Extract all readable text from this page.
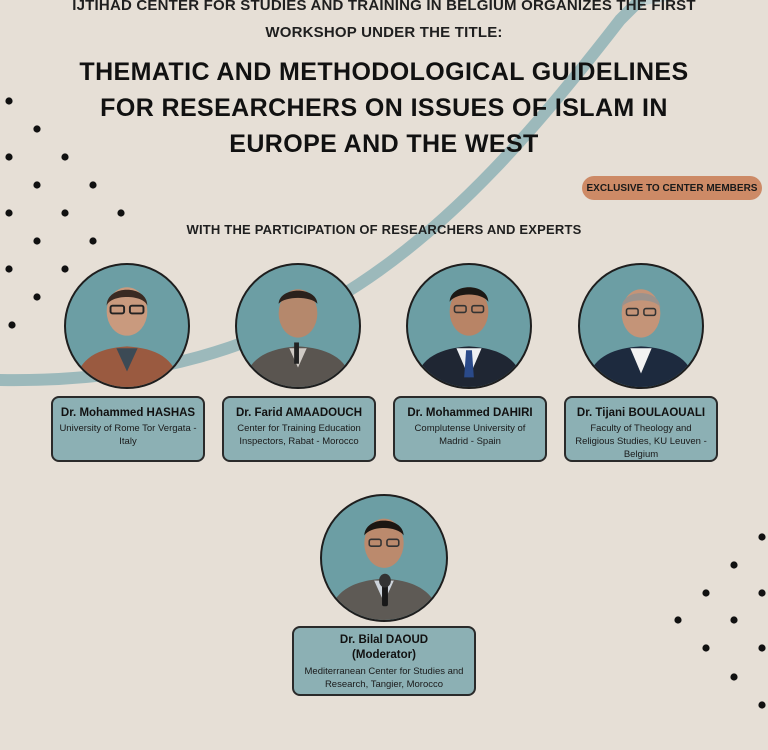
IJTIHAD CENTER FOR STUDIES AND TRAINING IN BELGIUM ORGANIZES THE FIRST
WORKSHOP UNDER THE TITLE:
THEMATIC AND METHODOLOGICAL GUIDELINES
FOR RESEARCHERS ON ISSUES OF ISLAM IN
EUROPE AND THE WEST
EXCLUSIVE TO CENTER MEMBERS
WITH THE PARTICIPATION OF RESEARCHERS AND EXPERTS
Dr. Mohammed HASHAS
University of Rome Tor Vergata - Italy
Dr. Farid AMAADOUCH
Center for Training Education Inspectors, Rabat - Morocco
Dr. Mohammed DAHIRI
Complutense University of Madrid - Spain
Dr. Tijani BOULAOUALI
Faculty of Theology and Religious Studies, KU Leuven - Belgium
Dr. Bilal DAOUD
(Moderator)
Mediterranean Center for Studies and Research, Tangier, Morocco
